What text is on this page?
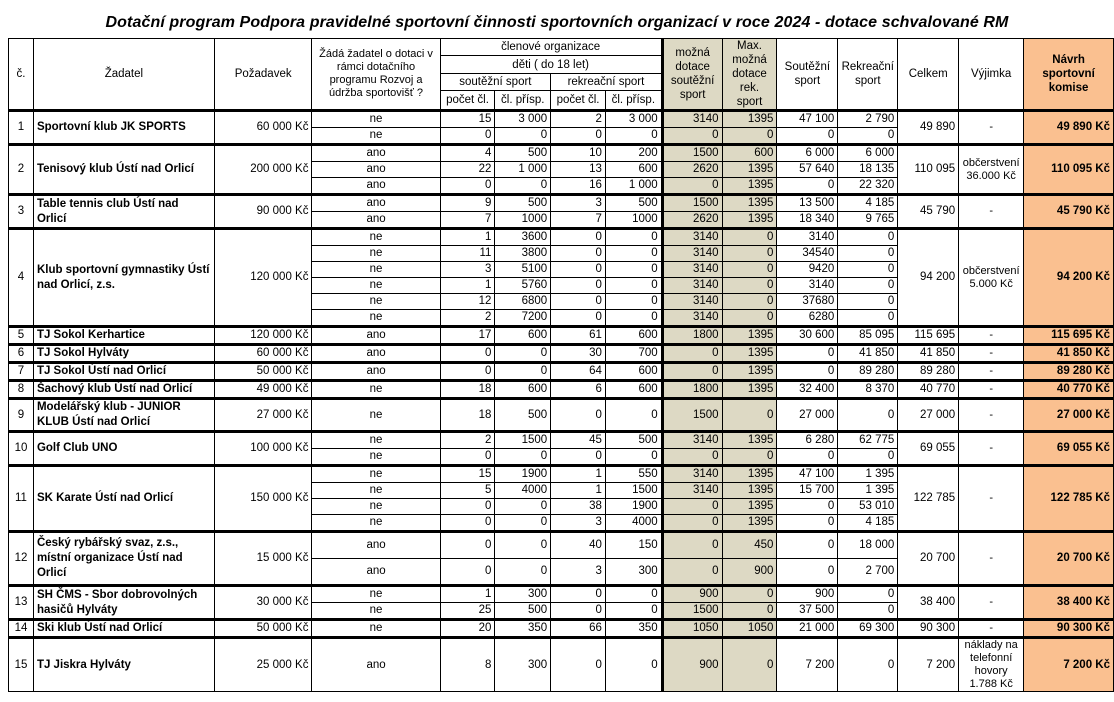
Dotační program Podpora pravidelné sportovní činnosti sportovních organizací v roce 2024 - dotace schvalované RM
č.	Žadatel	Požadavek	Žádá žadatel o dotaci v rámci dotačního programu Rozvoj a údržba sportovišť ?	členové organizace				možná dotace soutěžní sport	Max. možná dotace rek. sport	Soutěžní sport	Rekreační sport	Celkem	Výjimka	Návrh sportovní komise
				děti ( do 18 let)										
				soutěžní sport		rekreační sport								
				počet čl.	čl. přísp.	počet čl.	čl. přísp.							
1	Sportovní klub JK SPORTS	60 000 Kč	ne	15	3 000	2	3 000	3140	1395	47 100	2 790	49 890	-	49 890 Kč
			ne	0	0	0	0	0	0	0	0			
2	Tenisový klub Ústí nad Orlicí	200 000 Kč	ano	4	500	10	200	1500	600	6 000	6 000	110 095	občerstvení 36.000 Kč	110 095 Kč
			ano	22	1 000	13	600	2620	1395	57 640	18 135			
			ano	0	0	16	1 000	0	1395	0	22 320			
3	Table tennis club Ústí nad Orlicí	90 000 Kč	ano	9	500	3	500	1500	1395	13 500	4 185	45 790	-	45 790 Kč
			ano	7	1000	7	1000	2620	1395	18 340	9 765			
4	Klub sportovní gymnastiky Ústí nad Orlicí, z.s.	120 000 Kč	ne	1	3600	0	0	3140	0	3140	0	94 200	občerstvení 5.000 Kč	94 200 Kč
			ne	11	3800	0	0	3140	0	34540	0			
			ne	3	5100	0	0	3140	0	9420	0			
			ne	1	5760	0	0	3140	0	3140	0			
			ne	12	6800	0	0	3140	0	37680	0			
			ne	2	7200	0	0	3140	0	6280	0			
5	TJ Sokol Kerhartice	120 000 Kč	ano	17	600	61	600	1800	1395	30 600	85 095	115 695	-	115 695 Kč
6	TJ Sokol Hylváty	60 000 Kč	ano	0	0	30	700	0	1395	0	41 850	41 850	-	41 850 Kč
7	TJ Sokol Ústí nad Orlicí	50 000 Kč	ano	0	0	64	600	0	1395	0	89 280	89 280	-	89 280 Kč
8	Šachový klub Ústí nad Orlicí	49 000 Kč	ne	18	600	6	600	1800	1395	32 400	8 370	40 770	-	40 770 Kč
9	Modelářský klub - JUNIOR KLUB Ústí nad Orlicí	27 000 Kč	ne	18	500	0	0	1500	0	27 000	0	27 000	-	27 000 Kč
10	Golf Club UNO	100 000 Kč	ne	2	1500	45	500	3140	1395	6 280	62 775	69 055	-	69 055 Kč
			ne	0	0	0	0	0	0	0	0			
11	SK Karate Ústí nad Orlicí	150 000 Kč	ne	15	1900	1	550	3140	1395	47 100	1 395	122 785	-	122 785 Kč
			ne	5	4000	1	1500	3140	1395	15 700	1 395			
			ne	0	0	38	1900	0	1395	0	53 010			
			ne	0	0	3	4000	0	1395	0	4 185			
12	Český rybářský svaz, z.s., místní organizace Ústí nad Orlicí	15 000 Kč	ano	0	0	40	150	0	450	0	18 000	20 700	-	20 700 Kč
			ano	0	0	3	300	0	900	0	2 700			
13	SH ČMS - Sbor dobrovolných hasičů Hylváty	30 000 Kč	ne	1	300	0	0	900	0	900	0	38 400	-	38 400 Kč
			ne	25	500	0	0	1500	0	37 500	0			
14	Ski klub Ústí nad Orlicí	50 000 Kč	ne	20	350	66	350	1050	1050	21 000	69 300	90 300	-	90 300 Kč
15	TJ Jiskra Hylváty	25 000 Kč	ano	8	300	0	0	900	0	7 200	0	7 200	náklady na telefonní hovory 1.788 Kč	7 200 Kč
